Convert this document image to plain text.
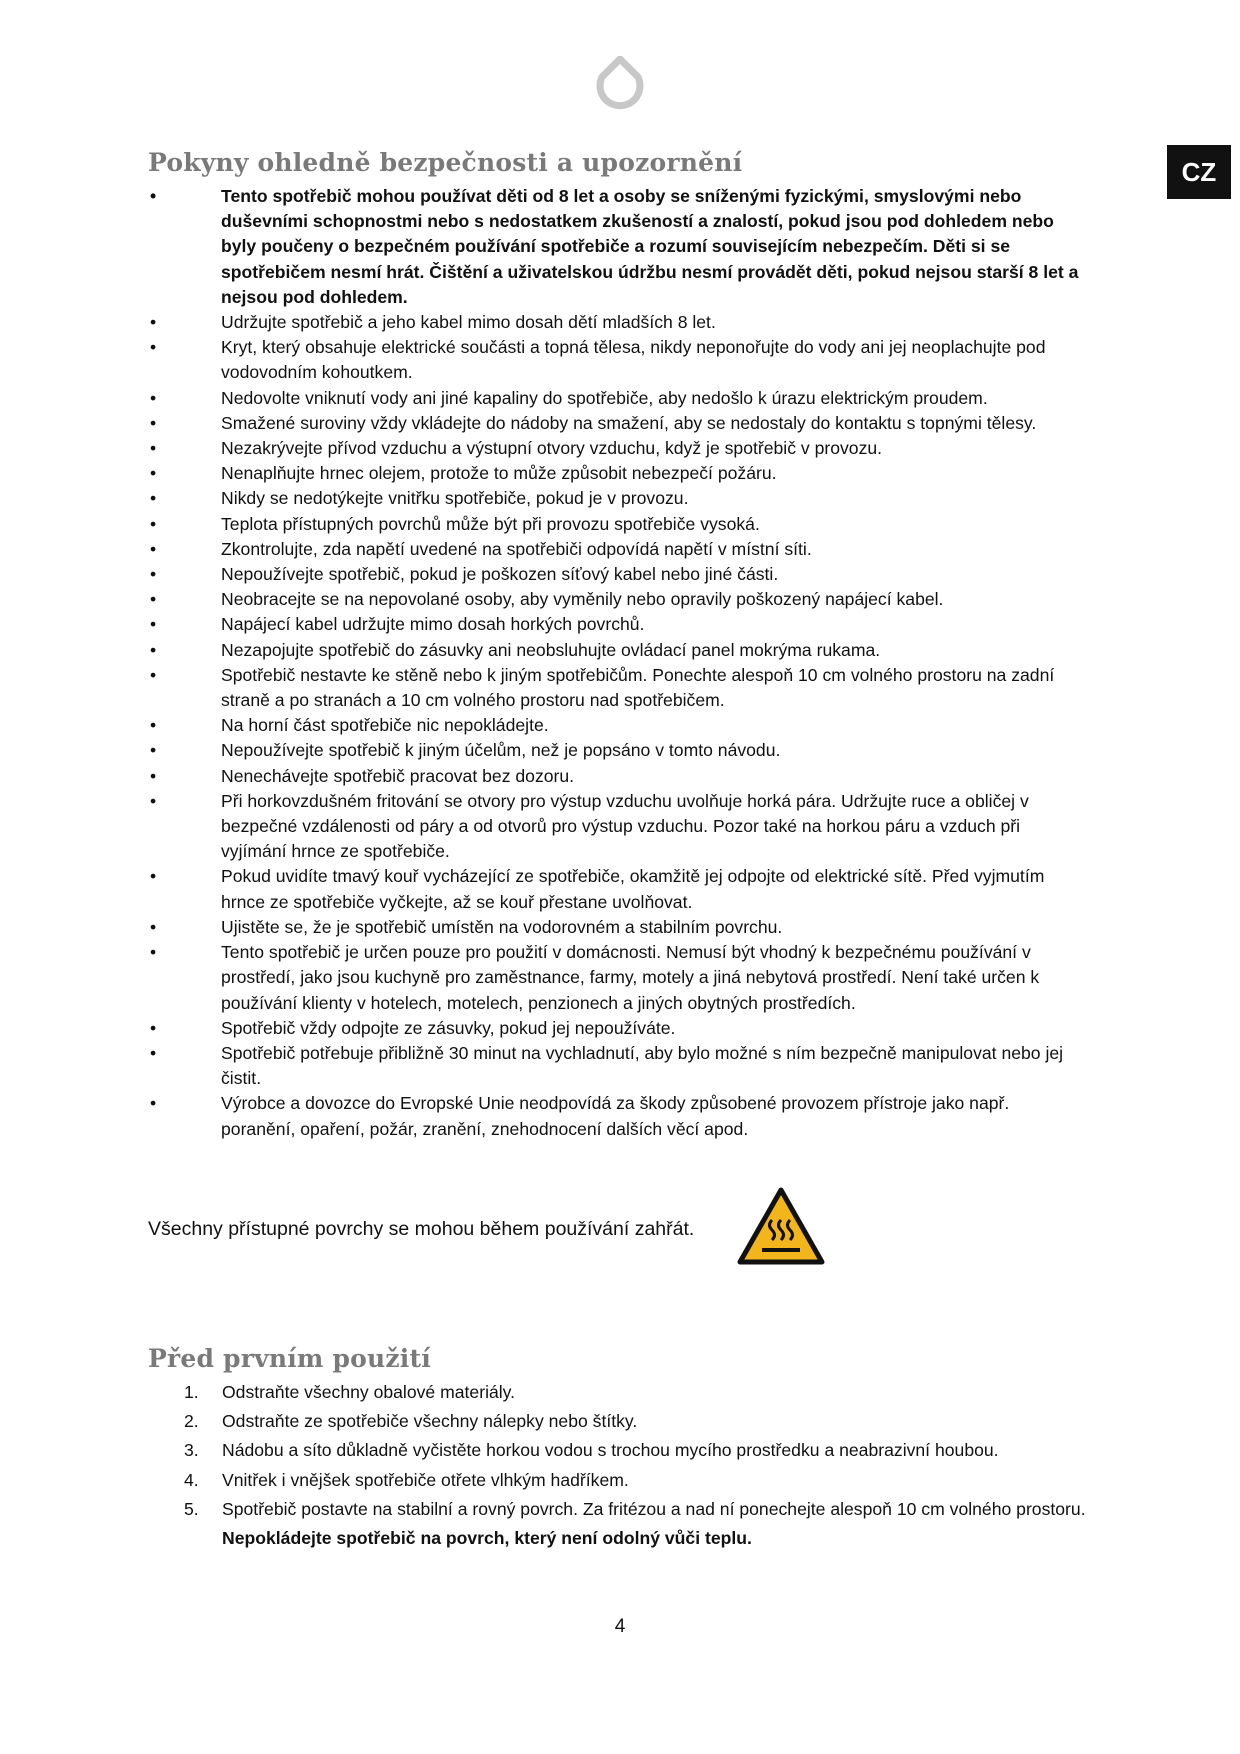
CZ
Pokyny ohledně bezpečnosti a upozornění
•	Tento spotřebič mohou používat děti od 8 let a osoby se sníženými fyzickými, smyslovými nebo duševními schopnostmi nebo s nedostatkem zkušeností a znalostí, pokud jsou pod dohledem nebo byly poučeny o bezpečném používání spotřebiče a rozumí souvisejícím nebezpečím. Děti si se spotřebičem nesmí hrát. Čištění a uživatelskou údržbu nesmí provádět děti, pokud nejsou starší 8 let a nejsou pod dohledem.
•	Udržujte spotřebič a jeho kabel mimo dosah dětí mladších 8 let.
•	Kryt, který obsahuje elektrické součásti a topná tělesa, nikdy neponořujte do vody ani jej neoplachujte pod vodovodním kohoutkem.
•	Nedovolte vniknutí vody ani jiné kapaliny do spotřebiče, aby nedošlo k úrazu elektrickým proudem.
•	Smažené suroviny vždy vkládejte do nádoby na smažení, aby se nedostaly do kontaktu s topnými tělesy.
•	Nezakrývejte přívod vzduchu a výstupní otvory vzduchu, když je spotřebič v provozu.
•	Nenaplňujte hrnec olejem, protože to může způsobit nebezpečí požáru.
•	Nikdy se nedotýkejte vnitřku spotřebiče, pokud je v provozu.
•	Teplota přístupných povrchů může být při provozu spotřebiče vysoká.
•	Zkontrolujte, zda napětí uvedené na spotřebiči odpovídá napětí v místní síti.
•	Nepoužívejte spotřebič, pokud je poškozen síťový kabel nebo jiné části.
•	Neobracejte se na nepovolané osoby, aby vyměnily nebo opravily poškozený napájecí kabel.
•	Napájecí kabel udržujte mimo dosah horkých povrchů.
•	Nezapojujte spotřebič do zásuvky ani neobsluhujte ovládací panel mokrýma rukama.
•	Spotřebič nestavte ke stěně nebo k jiným spotřebičům. Ponechte alespoň 10 cm volného prostoru na zadní straně a po stranách a 10 cm volného prostoru nad spotřebičem.
•	Na horní část spotřebiče nic nepokládejte.
•	Nepoužívejte spotřebič k jiným účelům, než je popsáno v tomto návodu.
•	Nenechávejte spotřebič pracovat bez dozoru.
•	Při horkovzdušném fritování se otvory pro výstup vzduchu uvolňuje horká pára. Udržujte ruce a obličej v bezpečné vzdálenosti od páry a od otvorů pro výstup vzduchu. Pozor také na horkou páru a vzduch při vyjímání hrnce ze spotřebiče.
•	Pokud uvidíte tmavý kouř vycházející ze spotřebiče, okamžitě jej odpojte od elektrické sítě. Před vyjmutím hrnce ze spotřebiče vyčkejte, až se kouř přestane uvolňovat.
•	Ujistěte se, že je spotřebič umístěn na vodorovném a stabilním povrchu.
•	Tento spotřebič je určen pouze pro použití v domácnosti. Nemusí být vhodný k bezpečnému používání v prostředí, jako jsou kuchyně pro zaměstnance, farmy, motely a jiná nebytová prostředí. Není také určen k používání klienty v hotelech, motelech, penzionech a jiných obytných prostředích.
•	Spotřebič vždy odpojte ze zásuvky, pokud jej nepoužíváte.
•	Spotřebič potřebuje přibližně 30 minut na vychladnutí, aby bylo možné s ním bezpečně manipulovat nebo jej čistit.
•	Výrobce a dovozce do Evropské Unie neodpovídá za škody způsobené provozem přístroje jako např. poranění, opaření, požár, zranění, znehodnocení dalších věcí apod.
Všechny přístupné povrchy se mohou během používání zahřát.
Před prvním použití
1. Odstraňte všechny obalové materiály.
2. Odstraňte ze spotřebiče všechny nálepky nebo štítky.
3. Nádobu a síto důkladně vyčistěte horkou vodou s trochou mycího prostředku a neabrazivní houbou.
4. Vnitřek i vnějšek spotřebiče otřete vlhkým hadříkem.
5. Spotřebič postavte na stabilní a rovný povrch. Za fritézou a nad ní ponechejte alespoň 10 cm volného prostoru.
Nepokládejte spotřebič na povrch, který není odolný vůči teplu.
4
